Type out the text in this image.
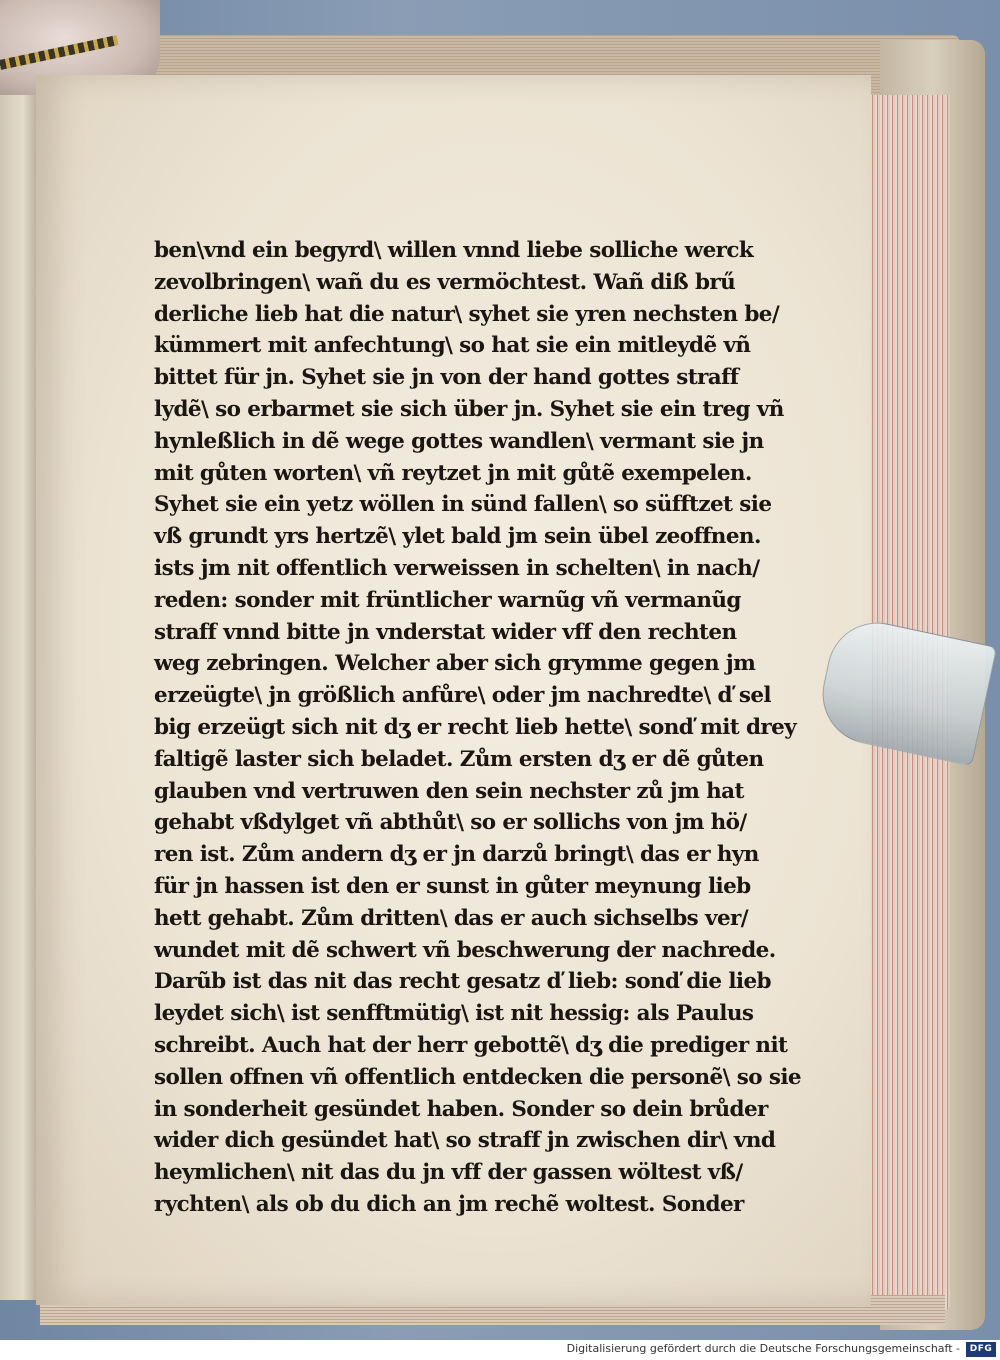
ben\vnd ein begyrd\ willen vnnd liebe solliche werck
zevolbringen\ wañ du es vermöchtest. Wañ diß brű
derliche lieb hat die natur\ syhet sie yren nechsten be/
kümmert mit anfechtung\ so hat sie ein mitleydẽ vñ
bittet für jn. Syhet sie jn von der hand gottes straff
lydẽ\ so erbarmet sie sich über jn. Syhet sie ein treg vñ
hynleßlich in dẽ wege gottes wandlen\ vermant sie jn
mit gůten worten\ vñ reytzet jn mit gůtẽ exempelen.
Syhet sie ein yetz wöllen in sünd fallen\ so süfftzet sie
vß grundt yrs hertzẽ\ ylet bald jm sein übel zeoffnen.
ists jm nit offentlich verweissen in schelten\ in nach/
reden: sonder mit früntlicher warnũg vñ vermanũg
straff vnnd bitte jn vnderstat wider vff den rechten
weg zebringen. Welcher aber sich grymme gegen jm
erzeügte\ jn größlich anfůre\ oder jm nachredte\ ď sel
big erzeügt sich nit dʒ er recht lieb hette\ sonď mit drey
faltigẽ laster sich beladet. Zům ersten dʒ er dẽ gůten
glauben vnd vertruwen den sein nechster zů jm hat
gehabt vßdylget vñ abthůt\ so er sollichs von jm hö/
ren ist. Zům andern dʒ er jn darzů bringt\ das er hyn
für jn hassen ist den er sunst in gůter meynung lieb
hett gehabt. Zům dritten\ das er auch sichselbs ver/
wundet mit dẽ schwert vñ beschwerung der nachrede.
Darũb ist das nit das recht gesatz ď lieb: sonď die lieb
leydet sich\ ist senfftmütig\ ist nit hessig: als Paulus
schreibt. Auch hat der herr gebottẽ\ dʒ die prediger nit
sollen offnen vñ offentlich entdecken die personẽ\ so sie
in sonderheit gesündet haben. Sonder so dein brůder
wider dich gesündet hat\ so straff jn zwischen dir\ vnd
heymlichen\ nit das du jn vff der gassen wöltest vß/
rychten\ als ob du dich an jm rechẽ woltest. Sonder
Digitalisierung gefördert durch die Deutsche Forschungsgemeinschaft -	DFG
